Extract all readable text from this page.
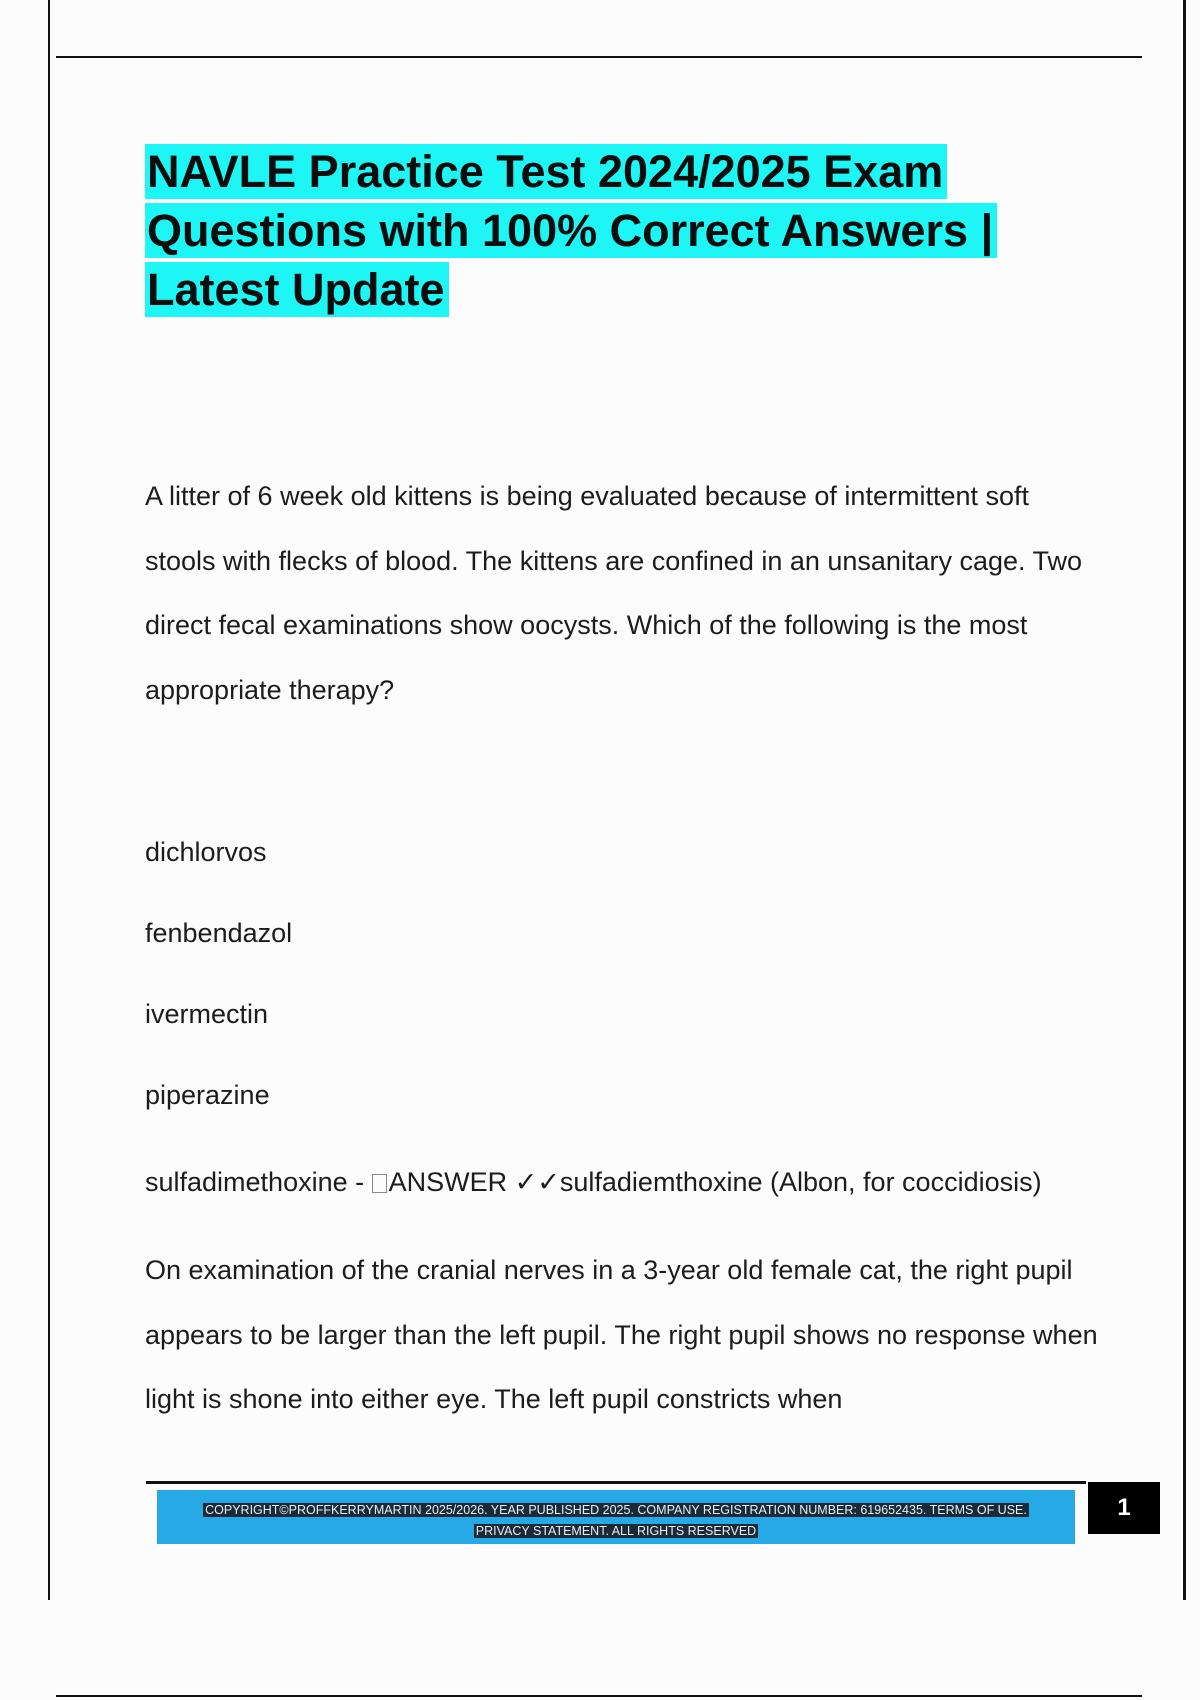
NAVLE Practice Test 2024/2025 Exam
Questions with 100% Correct Answers |
Latest Update

A litter of 6 week old kittens is being evaluated because of intermittent soft stools with flecks of blood. The kittens are confined in an unsanitary cage. Two direct fecal examinations show oocysts. Which of the following is the most appropriate therapy?

dichlorvos

fenbendazol

ivermectin

piperazine

sulfadimethoxine - ANSWER ✓✓sulfadiemthoxine (Albon, for coccidiosis)

On examination of the cranial nerves in a 3-year old female cat, the right pupil appears to be larger than the left pupil. The right pupil shows no response when light is shone into either eye. The left pupil constricts when

COPYRIGHT©PROFFKERRYMARTIN 2025/2026. YEAR PUBLISHED 2025. COMPANY REGISTRATION NUMBER: 619652435. TERMS OF USE.
PRIVACY STATEMENT. ALL RIGHTS RESERVED
1
